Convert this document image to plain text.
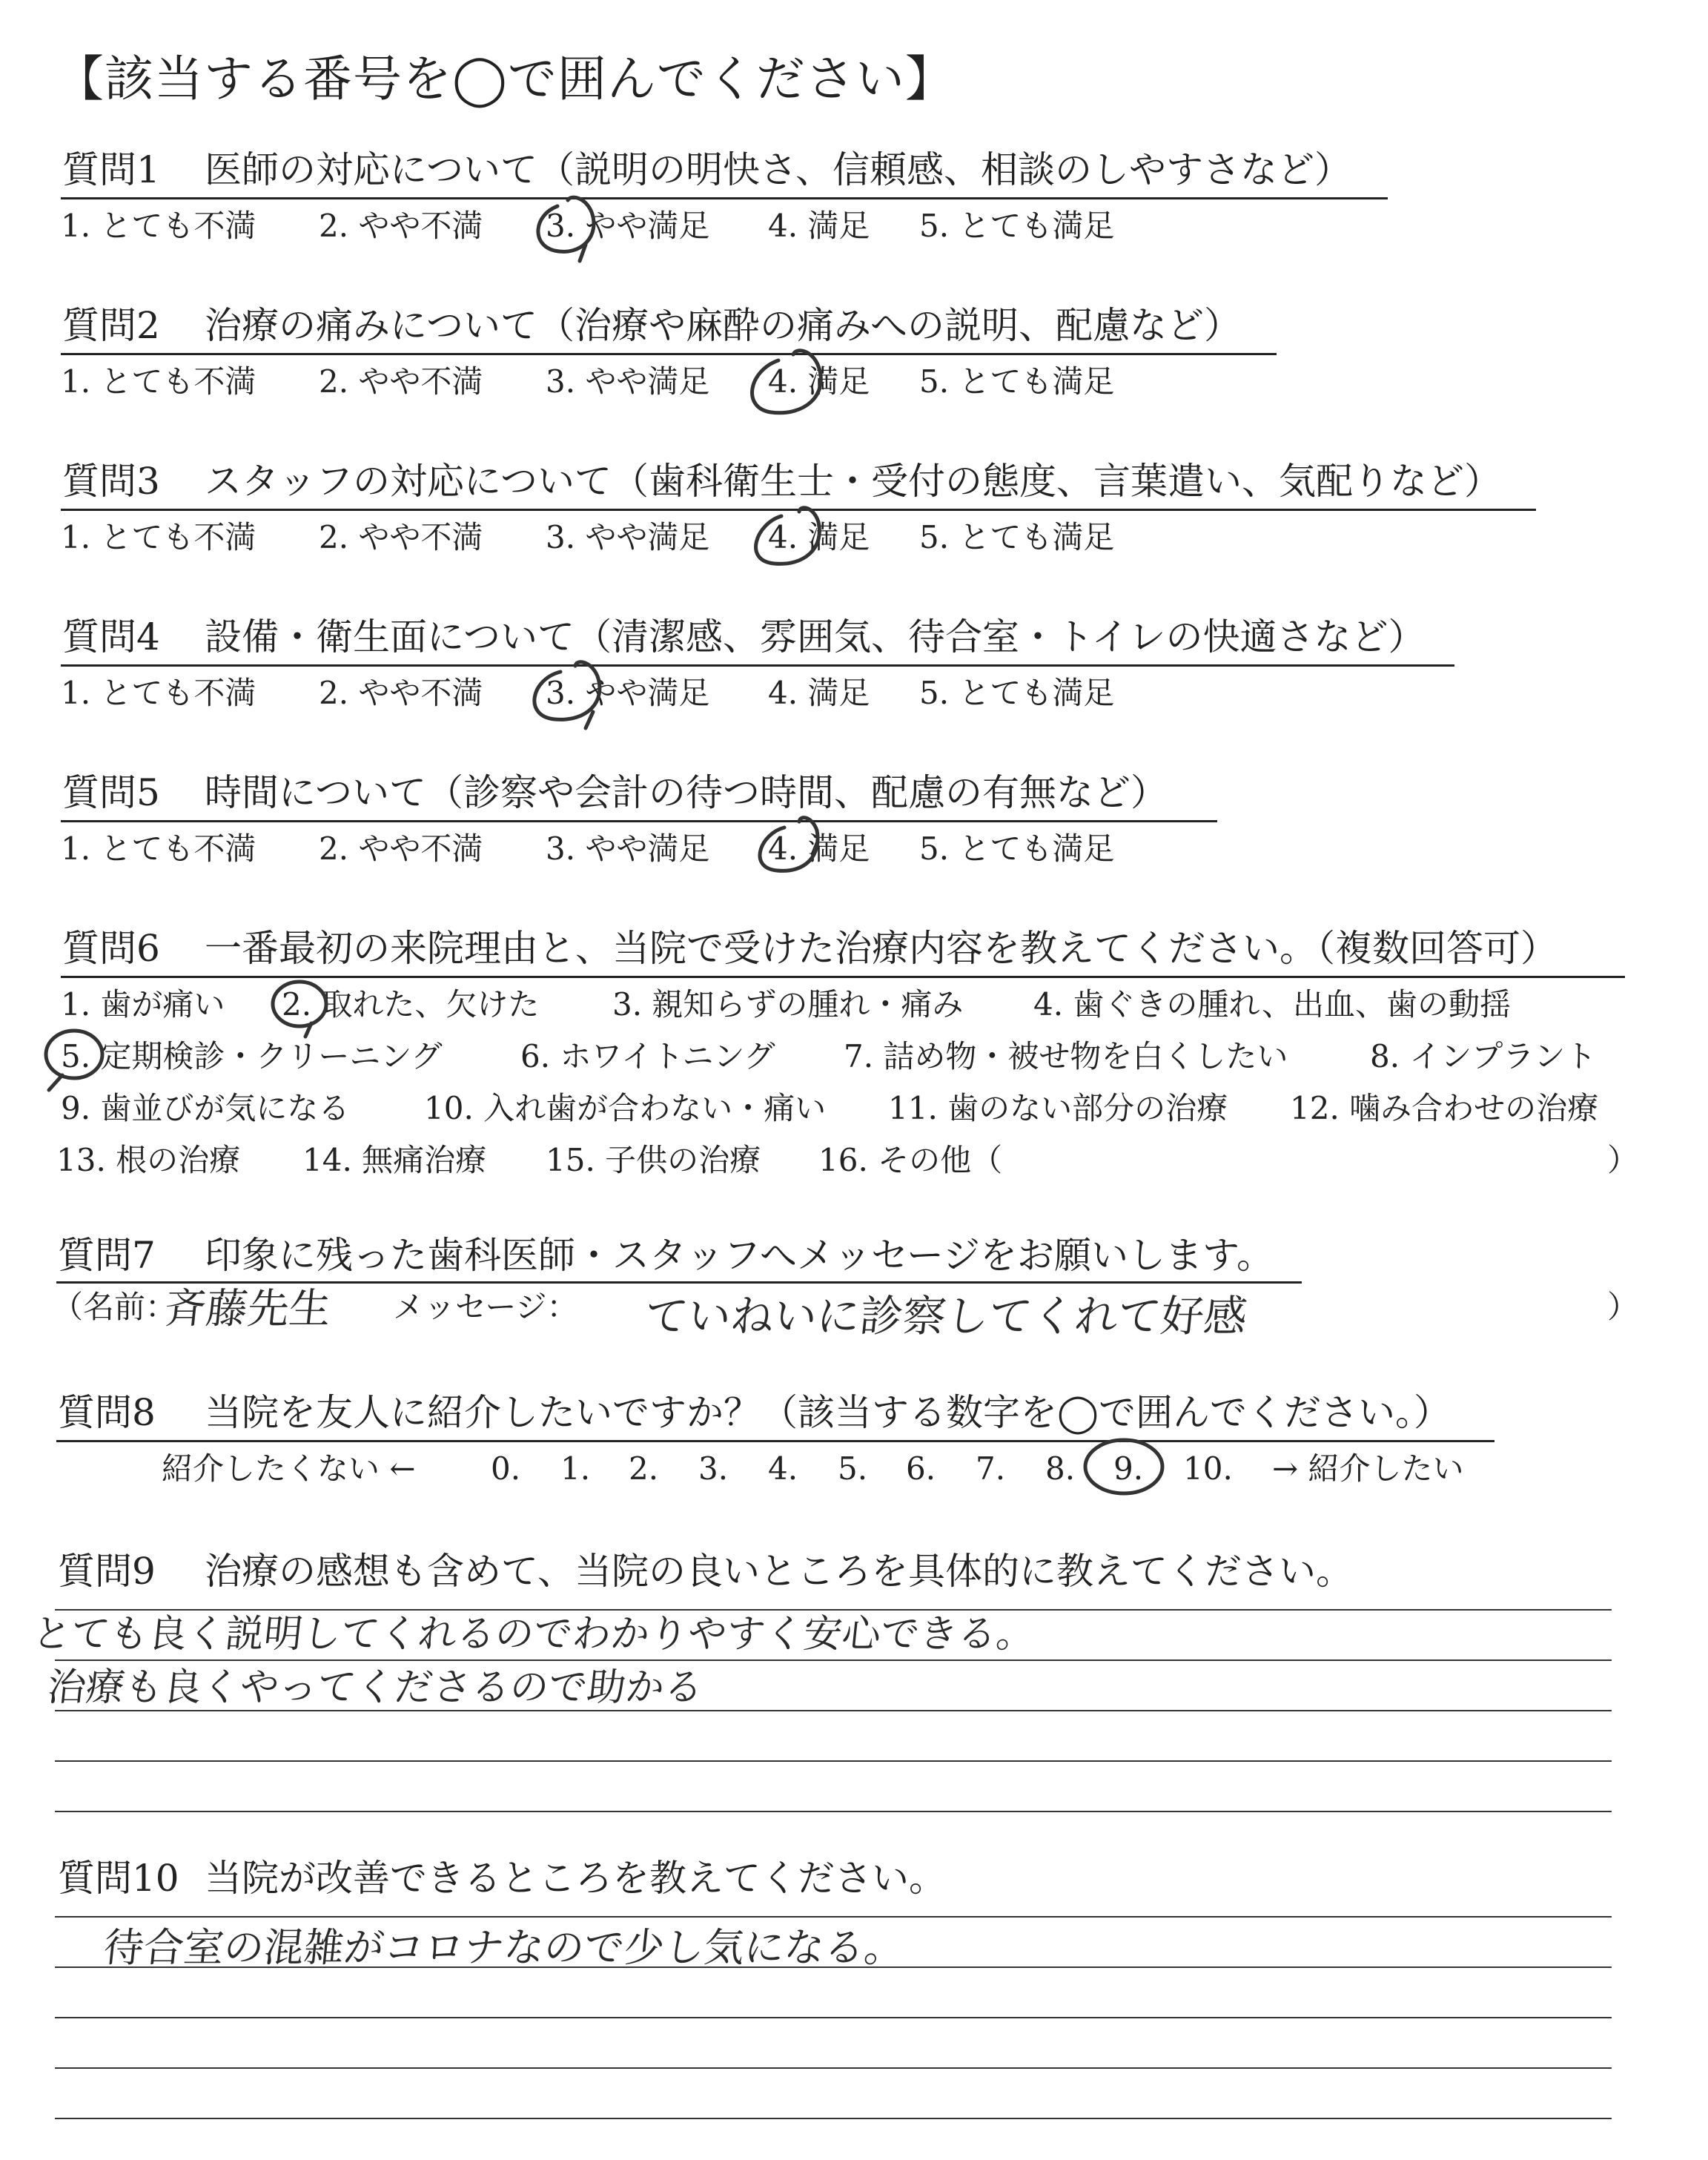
【該当する番号を◯で囲んでください】
質問1 医師の対応について（説明の明快さ、信頼感、相談のしやすさなど）
1. とても不満 2. やや不満 3. やや満足 4. 満足 5. とても満足
質問2 治療の痛みについて（治療や麻酔の痛みへの説明、配慮など）
1. とても不満 2. やや不満 3. やや満足 4. 満足 5. とても満足
質問3 スタッフの対応について（歯科衛生士・受付の態度、言葉遣い、気配りなど）
1. とても不満 2. やや不満 3. やや満足 4. 満足 5. とても満足
質問4 設備・衛生面について（清潔感、雰囲気、待合室・トイレの快適さなど）
1. とても不満 2. やや不満 3. やや満足 4. 満足 5. とても満足
質問5 時間について（診察や会計の待つ時間、配慮の有無など）
1. とても不満 2. やや不満 3. やや満足 4. 満足 5. とても満足
質問6 一番最初の来院理由と、当院で受けた治療内容を教えてください。（複数回答可）
1. 歯が痛い 2. 取れた、欠けた 3. 親知らずの腫れ・痛み 4. 歯ぐきの腫れ、出血、歯の動揺
5. 定期検診・クリーニング	6. ホワイトニング 7. 詰め物・被せ物を白くしたい	8. インプラント
9. 歯並びが気になる 10. 入れ歯が合わない・痛い 11. 歯のない部分の治療 12. 噛み合わせの治療
13. 根の治療 14. 無痛治療 15. 子供の治療 16. その他（	）
質問7 印象に残った歯科医師・スタッフへメッセージをお願いします。
（名前：
斉藤先生 メッセージ： ていねいに診察してくれて好感	）
質問8 当院を友人に紹介したいですか？（該当する数字を◯で囲んでください。）
紹介したくない ← 0. 1. 2. 3. 4. 5. 6. 7. 8. 9. 10. → 紹介したい
質問9 治療の感想も含めて、当院の良いところを具体的に教えてください。
とても良く説明してくれるのでわかりやすく安心できる。
治療も良くやってくださるので助かる
質問10 当院が改善できるところを教えてください。
待合室の混雑がコロナなので少し気になる。
